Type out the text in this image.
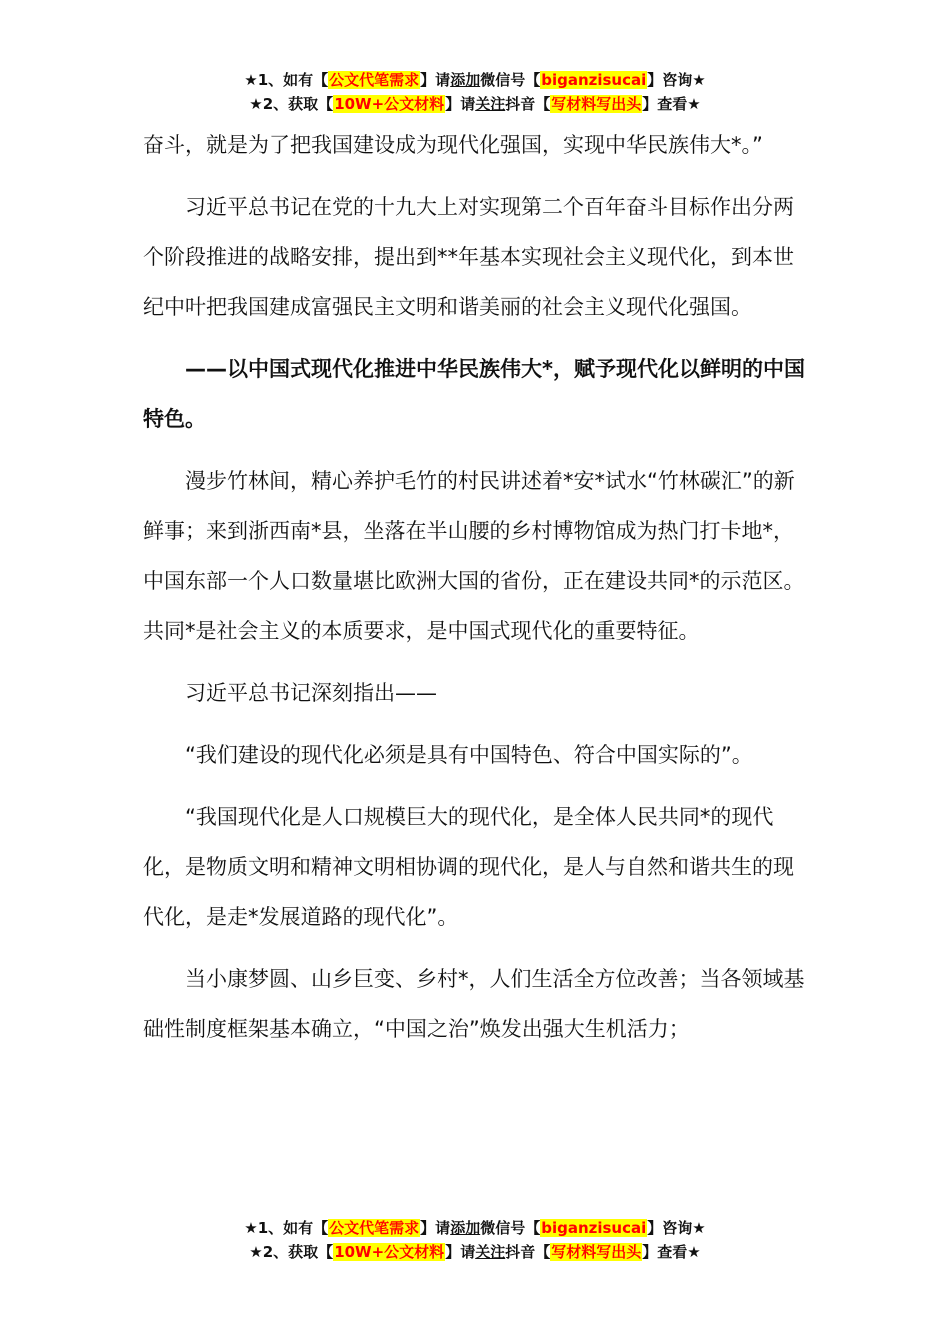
★1、如有【公文代笔需求】请添加微信号【biganzisucai】咨询★
★2、获取【10W+公文材料】请关注抖音【写材料写出头】查看★

奋斗，就是为了把我国建设成为现代化强国，实现中华民族伟大*。”

习近平总书记在党的十九大上对实现第二个百年奋斗目标作出分两个阶段推进的战略安排，提出到**年基本实现社会主义现代化，到本世纪中叶把我国建成富强民主文明和谐美丽的社会主义现代化强国。

——以中国式现代化推进中华民族伟大*，赋予现代化以鲜明的中国特色。

漫步竹林间，精心养护毛竹的村民讲述着*安*试水“竹林碳汇”的新鲜事；来到浙西南*县，坐落在半山腰的乡村博物馆成为热门打卡地*，中国东部一个人口数量堪比欧洲大国的省份，正在建设共同*的示范区。共同*是社会主义的本质要求，是中国式现代化的重要特征。

习近平总书记深刻指出——

“我们建设的现代化必须是具有中国特色、符合中国实际的”。

“我国现代化是人口规模巨大的现代化，是全体人民共同*的现代化，是物质文明和精神文明相协调的现代化，是人与自然和谐共生的现代化，是走*发展道路的现代化”。

当小康梦圆、山乡巨变、乡村*，人们生活全方位改善；当各领域基础性制度框架基本确立，“中国之治”焕发出强大生机活力；

★1、如有【公文代笔需求】请添加微信号【biganzisucai】咨询★
★2、获取【10W+公文材料】请关注抖音【写材料写出头】查看★
